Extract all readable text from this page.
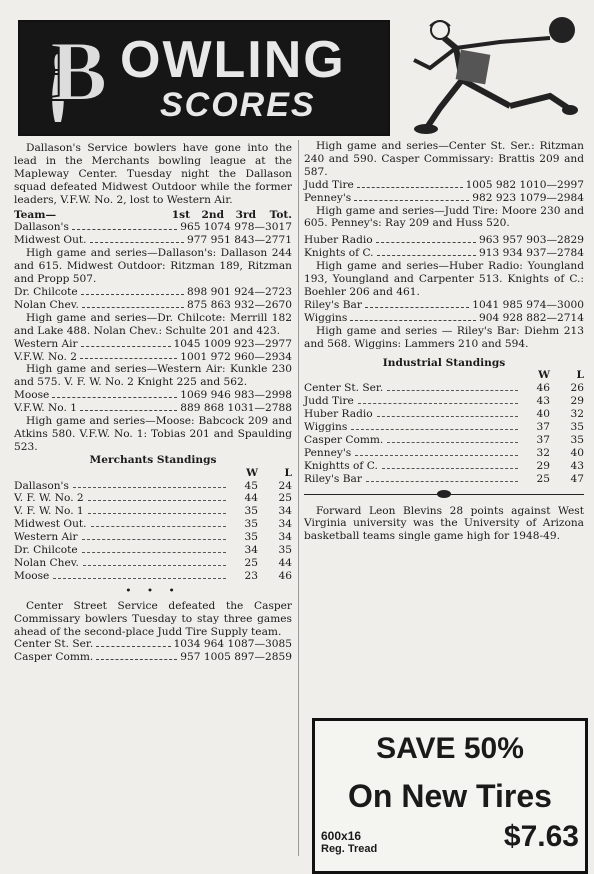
B OWLING
SCORES

Dallason's Service bowlers have gone into the lead in the Merchants bowling league at the Mapleway Center. Tuesday night the Dallason squad defeated Midwest Outdoor while the former leaders, V.F.W. No. 2, lost to Western Air.

Team—	1st	2nd	3rd	Tot.
Dallason's	965 1074 978—3017
Midwest Out.	977 951 843—2771

High game and series—Dallason's: Dallason 244 and 615. Midwest Outdoor: Ritzman 189, Ritzman and Propp 507.

Dr. Chilcote	898 901 924—2723
Nolan Chev.	875 863 932—2670

High game and series—Dr. Chilcote: Merrill 182 and Lake 488. Nolan Chev.: Schulte 201 and 423.

Western Air	1045 1009 923—2977
V.F.W. No. 2	1001 972 960—2934

High game and series—Western Air: Kunkle 230 and 575. V. F. W. No. 2 Knight 225 and 562.

Moose	1069 946 983—2998
V.F.W. No. 1	889 868 1031—2788

High game and series—Moose: Babcock 209 and Atkins 580. V.F.W. No. 1: Tobias 201 and Spaulding 523.

Merchants Standings
W	L
Dallason's	45	24
V. F. W. No. 2	44	25
V. F. W. No. 1	35	34
Midwest Out.	35	34
Western Air	35	34
Dr. Chilcote	34	35
Nolan Chev.	25	44
Moose	23	46
• • •

Center Street Service defeated the Casper Commissary bowlers Tuesday to stay three games ahead of the second-place Judd Tire Supply team.

Center St. Ser.	1034 964 1087—3085
Casper Comm.	957 1005 897—2859

High game and series—Center St. Ser.: Ritzman 240 and 590. Casper Commissary: Brattis 209 and 587.

Judd Tire	1005 982 1010—2997
Penney's	982 923 1079—2984

High game and series—Judd Tire: Moore 230 and 605. Penney's: Ray 209 and Huss 520.

Huber Radio	963 957 903—2829
Knights of C.	913 934 937—2784

High game and series—Huber Radio: Youngland 193, Youngland and Carpenter 513. Knights of C.: Boehler 206 and 461.

Riley's Bar	1041 985 974—3000
Wiggins	904 928 882—2714

High game and series — Riley's Bar: Diehm 213 and 568. Wiggins: Lammers 210 and 594.

Industrial Standings
W	L
Center St. Ser.	46	26
Judd Tire	43	29
Huber Radio	40	32
Wiggins	37	35
Casper Comm.	37	35
Penney's	32	40
Knightts of C.	29	43
Riley's Bar	25	47

Forward Leon Blevins 28 points against West Virginia university was the University of Arizona basketball teams single game high for 1948-49.

SAVE 50%
On New Tires
600x16
Reg. Tread	$7.63
